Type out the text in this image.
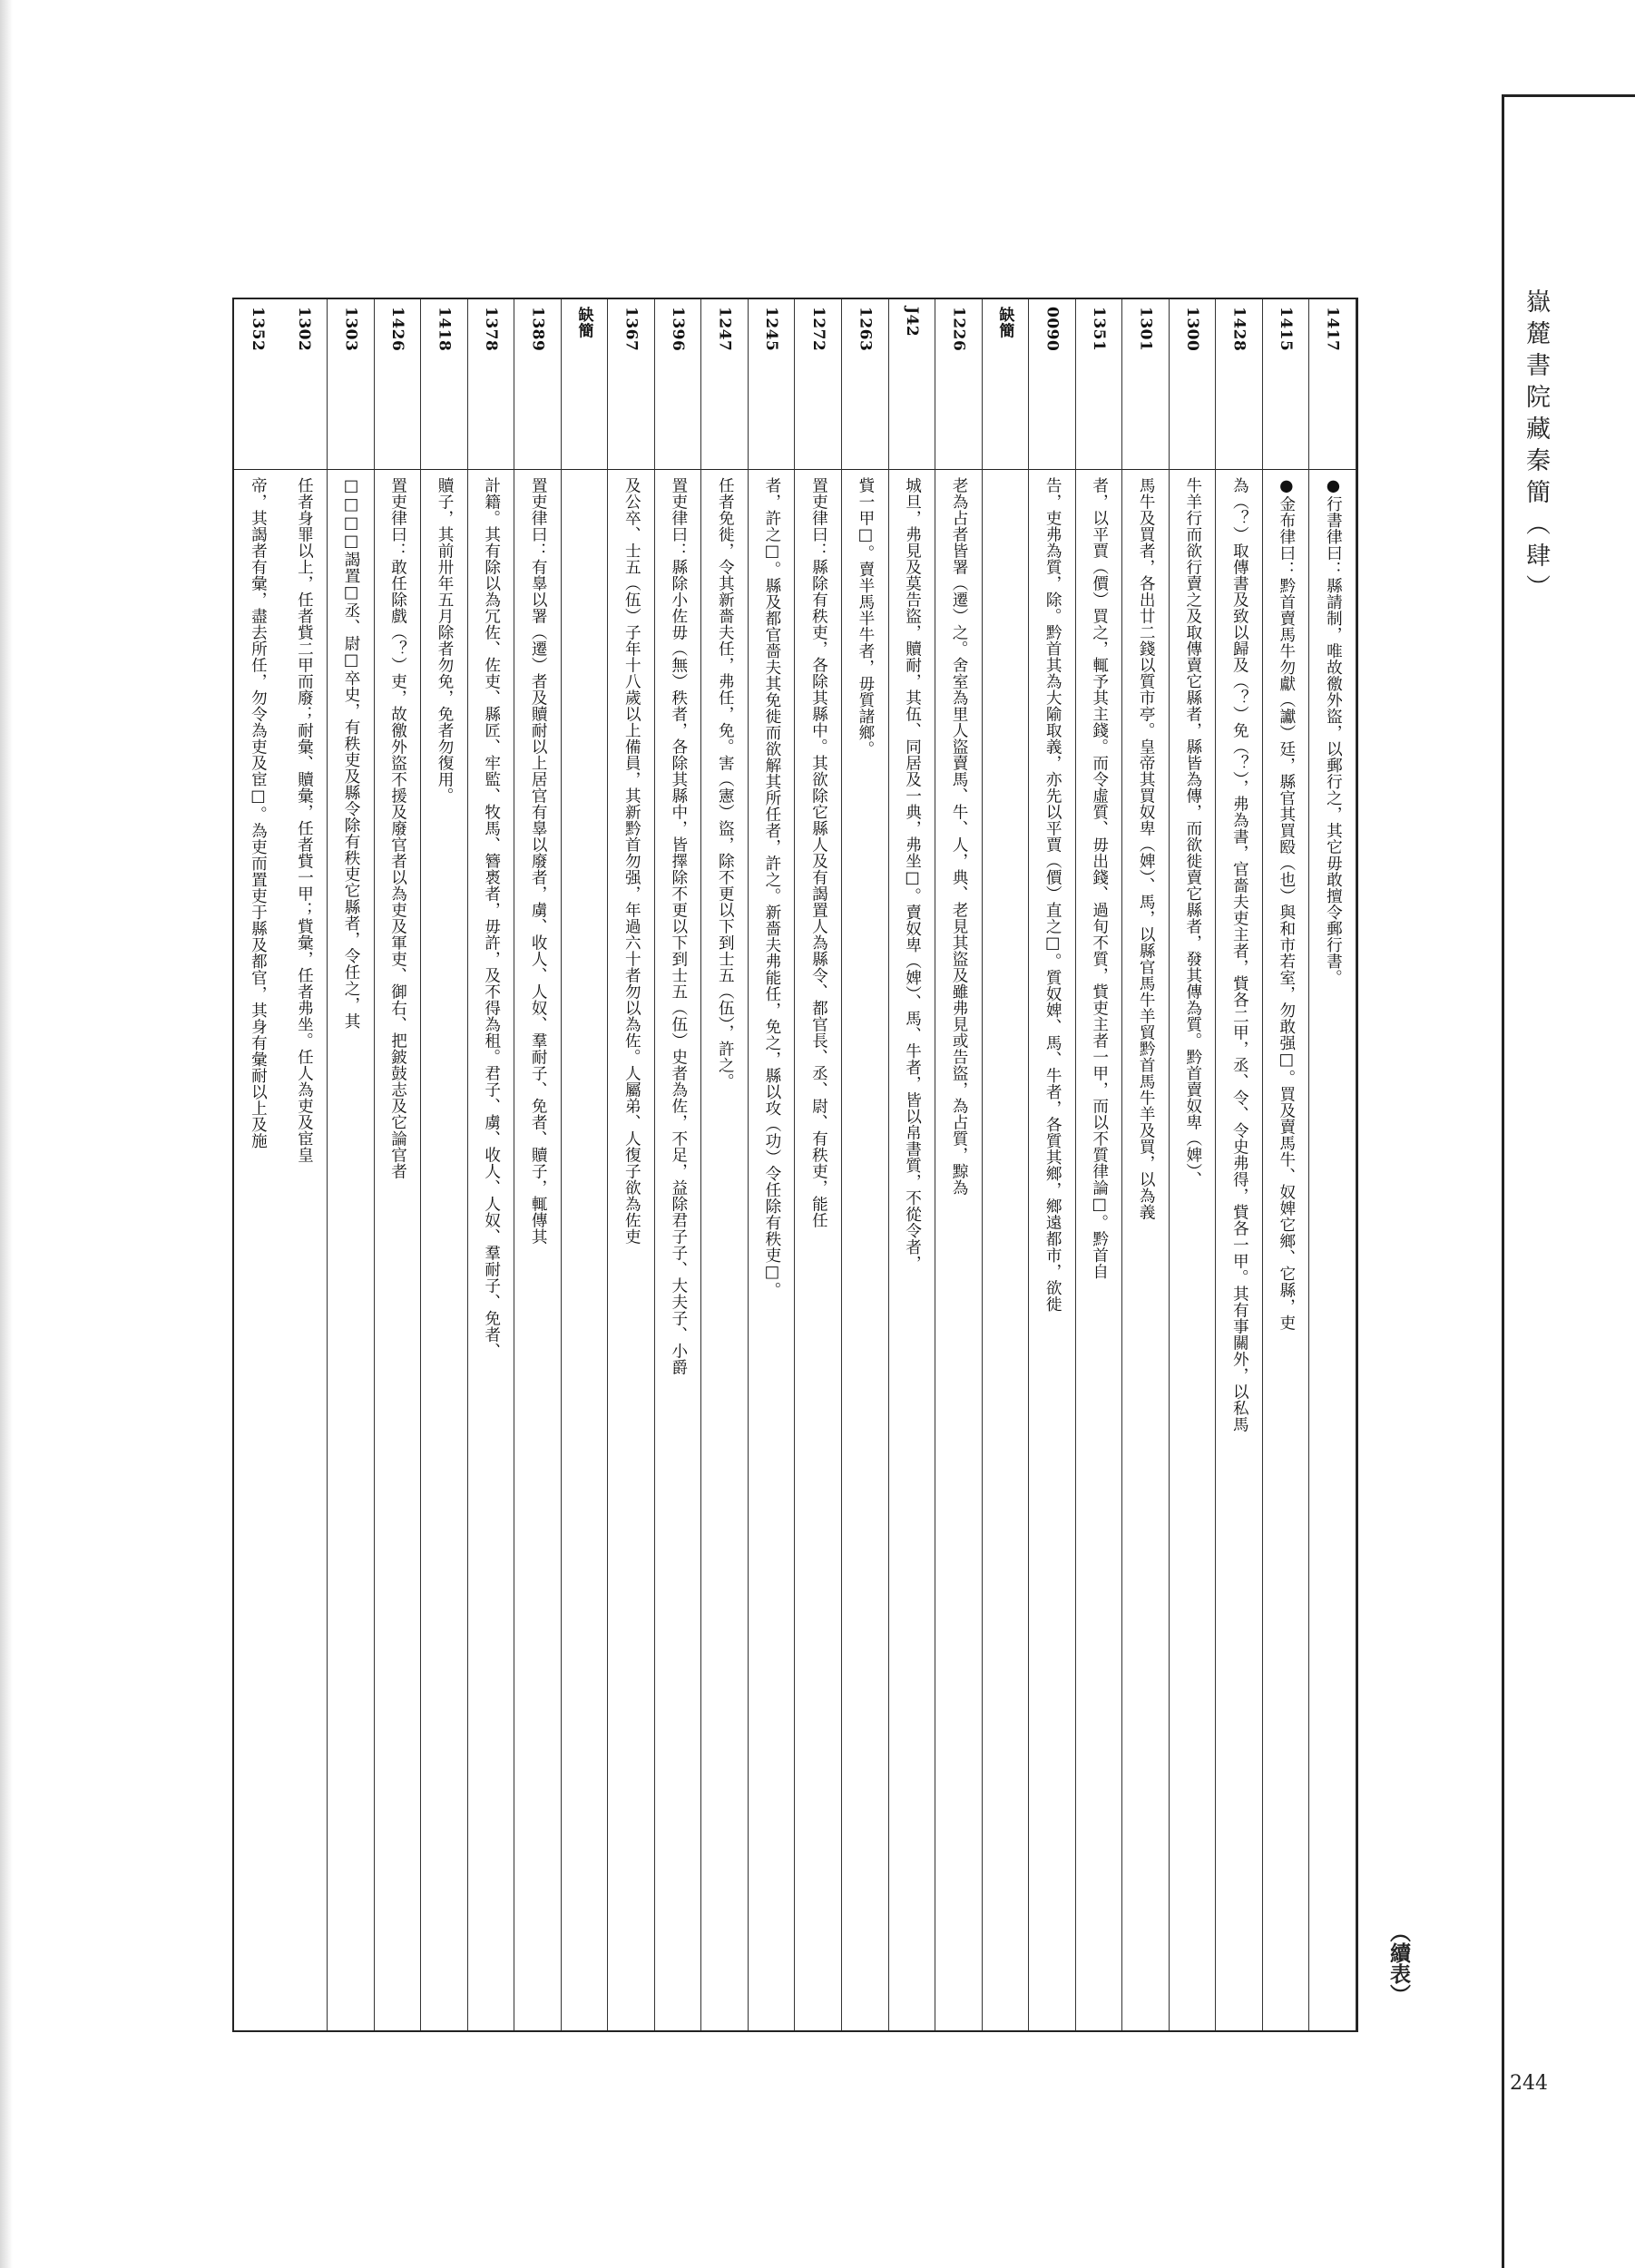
嶽麓書院藏秦簡（肆）
244
（續表）
1417
●行書律曰：縣請制，唯故徼外盜，以郵行之，其它毋敢擅令郵行書。
1415
●金布律曰：黔首賣馬牛勿獻（讞）廷，縣官其買殹（也）與和市若室，勿敢强□。買及賣馬牛、奴婢它鄉、它縣，吏
1428
為（？）取傳書及致以歸及（？）免（？），弗為書，官嗇夫吏主者，貲各二甲，丞、令、令史弗得，貲各一甲。其有事關外，以私馬
1300
牛羊行而欲行賣之及取傳賣它縣者，縣皆為傳，而欲徙賣它縣者，發其傳為質。黔首賣奴卑（婢）、
1301
馬牛及買者，各出廿二錢以質市亭。皇帝其買奴卑（婢）、馬，以縣官馬牛羊貿黔首馬牛羊及買，以為義
1351
者，以平賈（價）買之，輒予其主錢。而令虛質、毋出錢、過旬不質，貲吏主者一甲，而以不質律論□。黔首自
0090
告，吏弗為質，除。黔首其為大隃取義，亦先以平賈（價）直之□。質奴婢、馬、牛者，各質其鄉，鄉遠都市，欲徙
缺簡
1226
老為占者皆署（遷）之。舍室為里人盜賣馬、牛、人，典、老見其盜及雖弗見或告盜，為占質，黥為
J42
城旦，弗見及莫告盜，贖耐，其伍、同居及一典，弗坐□。賣奴卑（婢）、馬、牛者，皆以帛書質，不從令者，
1263
貲一甲□。賣半馬半牛者，毋質諸鄉。
1272
置吏律曰：縣除有秩吏，各除其縣中。其欲除它縣人及有謁置人為縣令、都官長、丞、尉、有秩吏，能任
1245
者，許之□。縣及都官嗇夫其免徙而欲解其所任者，許之。新嗇夫弗能任，免之，縣以攻（功）令任除有秩吏□。
1247
任者免徙，令其新嗇夫任，弗任，免。害（憲）盜，除不更以下到士五（伍），許之。
1396
置吏律曰：縣除小佐毋（無）秩者，各除其縣中，皆擇除不更以下到士五（伍）史者為佐，不足，益除君子子、大夫子、小爵
1367
及公卒、士五（伍）子年十八歲以上備員，其新黔首勿强，年過六十者勿以為佐。人屬弟、人復子欲為佐吏
缺簡
1389
置吏律曰：有辠以署（遷）者及贖耐以上居官有辠以廢者，虜、收人、人奴、羣耐子、免者、贖子，輒傳其
1378
計籍。其有除以為冗佐、佐吏、縣匠、牢監、牧馬、簪褭者，毋許，及不得為租。君子、虜、收人、人奴、羣耐子、免者、
1418
贖子，其前卅年五月除者勿免，免者勿復用。
1426
置吏律曰：敢任除戲（？）吏，故徼外盜不援及廢官者以為吏及軍吏、御右、把鈹鼓志及它論官者
1303
□□□□謁置□丞、尉□卒史，有秩吏及縣令除有秩吏它縣者，令任之，其
1302
任者身罪以上，任者貲二甲而廢；耐彙、贖彙，任者貲一甲；貲彙，任者弗坐。任人為吏及宦皇
1352
帝，其謁者有彙，盡去所任，勿令為吏及宦□。為吏而置吏于縣及都官，其身有彙耐以上及施
